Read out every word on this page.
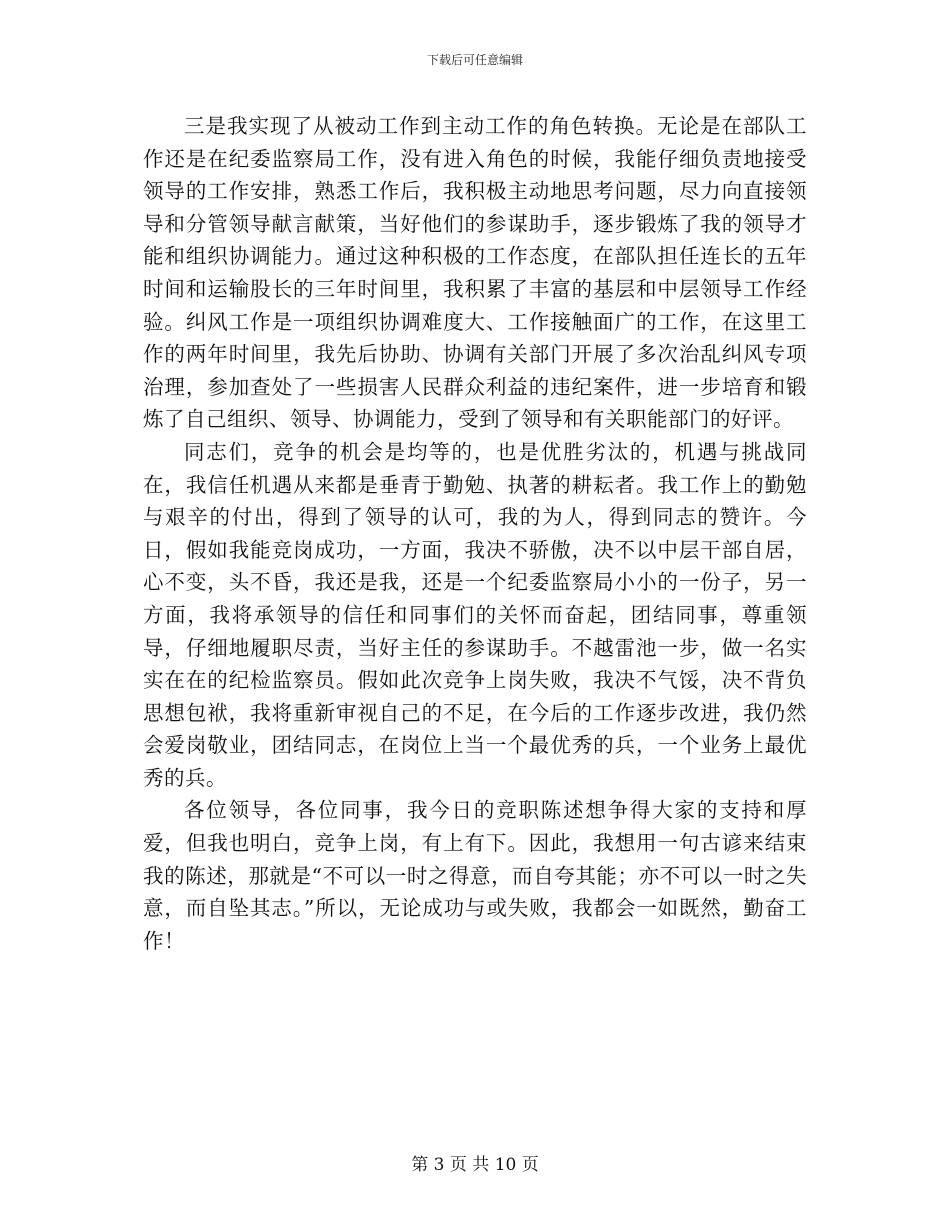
下载后可任意编辑

三是我实现了从被动工作到主动工作的角色转换。无论是在部队工作还是在纪委监察局工作，没有进入角色的时候，我能仔细负责地接受领导的工作安排，熟悉工作后，我积极主动地思考问题，尽力向直接领导和分管领导献言献策，当好他们的参谋助手，逐步锻炼了我的领导才能和组织协调能力。通过这种积极的工作态度，在部队担任连长的五年时间和运输股长的三年时间里，我积累了丰富的基层和中层领导工作经验。纠风工作是一项组织协调难度大、工作接触面广的工作，在这里工作的两年时间里，我先后协助、协调有关部门开展了多次治乱纠风专项治理，参加查处了一些损害人民群众利益的违纪案件，进一步培育和锻炼了自己组织、领导、协调能力，受到了领导和有关职能部门的好评。

同志们，竞争的机会是均等的，也是优胜劣汰的，机遇与挑战同在，我信任机遇从来都是垂青于勤勉、执著的耕耘者。我工作上的勤勉与艰辛的付出，得到了领导的认可，我的为人，得到同志的赞许。今日，假如我能竞岗成功，一方面，我决不骄傲，决不以中层干部自居，心不变，头不昏，我还是我，还是一个纪委监察局小小的一份子，另一方面，我将承领导的信任和同事们的关怀而奋起，团结同事，尊重领导，仔细地履职尽责，当好主任的参谋助手。不越雷池一步，做一名实实在在的纪检监察员。假如此次竞争上岗失败，我决不气馁，决不背负思想包袱，我将重新审视自己的不足，在今后的工作逐步改进，我仍然会爱岗敬业，团结同志，在岗位上当一个最优秀的兵，一个业务上最优秀的兵。

各位领导，各位同事，我今日的竞职陈述想争得大家的支持和厚爱，但我也明白，竞争上岗，有上有下。因此，我想用一句古谚来结束我的陈述，那就是“不可以一时之得意，而自夸其能；亦不可以一时之失意，而自坠其志。”所以，无论成功与或失败，我都会一如既然，勤奋工作！

第 3 页 共 10 页
